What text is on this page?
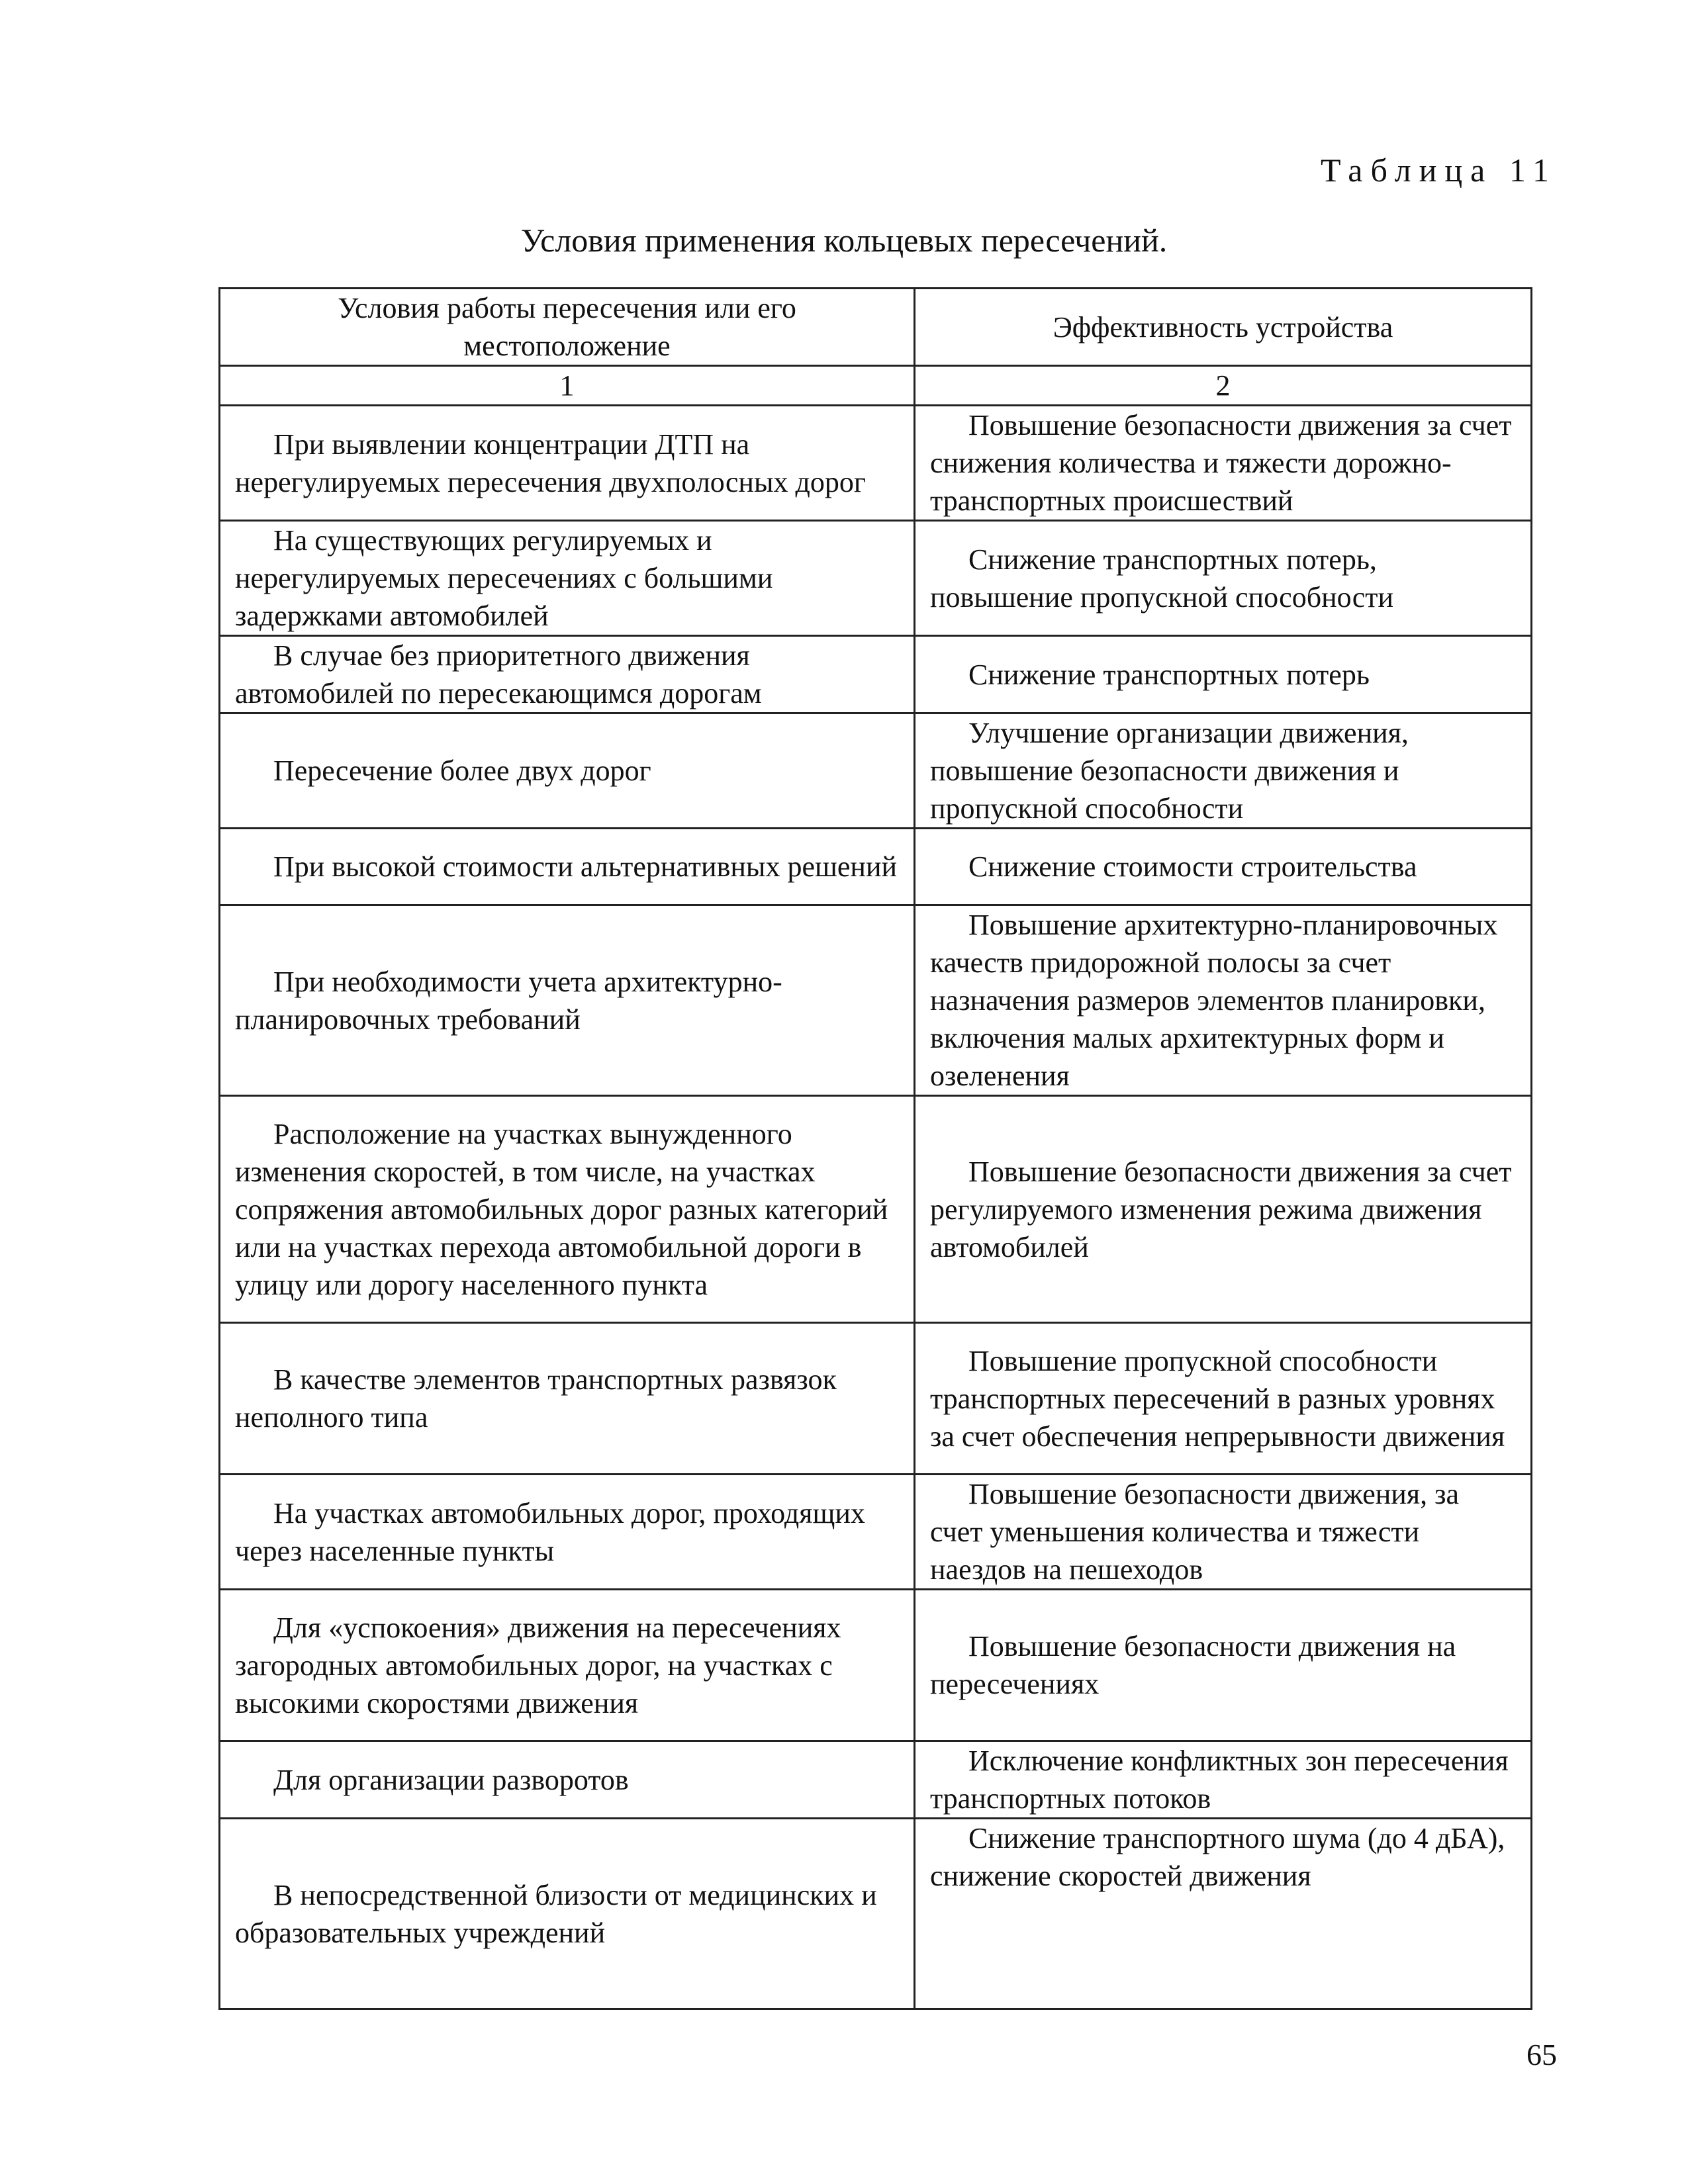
Таблица 11
Условия применения кольцевых пересечений.
Условия работы пересечения или его местоположение	Эффективность устройства
1	2
При выявлении концентрации ДТП на нерегулируемых пересечения двухполосных дорог	Повышение безопасности движения за счет снижения количества и тяжести дорожно-транспортных происшествий
На существующих регулируемых и нерегулируемых пересечениях с большими задержками автомобилей	Снижение транспортных потерь, повышение пропускной способности
В случае без приоритетного движения автомобилей по пересекающимся дорогам	Снижение транспортных потерь
Пересечение более двух дорог	Улучшение организации движения, повышение безопасности движения и пропускной способности
При высокой стоимости альтернативных решений	Снижение стоимости строительства
При необходимости учета архитектурно-планировочных требований	Повышение архитектурно-планировочных качеств придорожной полосы за счет назначения размеров элементов планировки, включения малых архитектурных форм и озеленения
Расположение на участках вынужденного изменения скоростей, в том числе, на участках сопряжения автомобильных дорог разных категорий или на участках перехода автомобильной дороги в улицу или дорогу населенного пункта	Повышение безопасности движения за счет регулируемого изменения режима движения автомобилей
В качестве элементов транспортных развязок неполного типа	Повышение пропускной способности транспортных пересечений в разных уровнях за счет обеспечения непрерывности движения
На участках автомобильных дорог, проходящих через населенные пункты	Повышение безопасности движения, за счет уменьшения количества и тяжести наездов на пешеходов
Для «успокоения» движения на пересечениях загородных автомобильных дорог, на участках с высокими скоростями движения	Повышение безопасности движения на пересечениях
Для организации разворотов	Исключение конфликтных зон пересечения транспортных потоков
В непосредственной близости от медицинских и образовательных учреждений	Снижение транспортного шума (до 4 дБА), снижение скоростей движения
65
